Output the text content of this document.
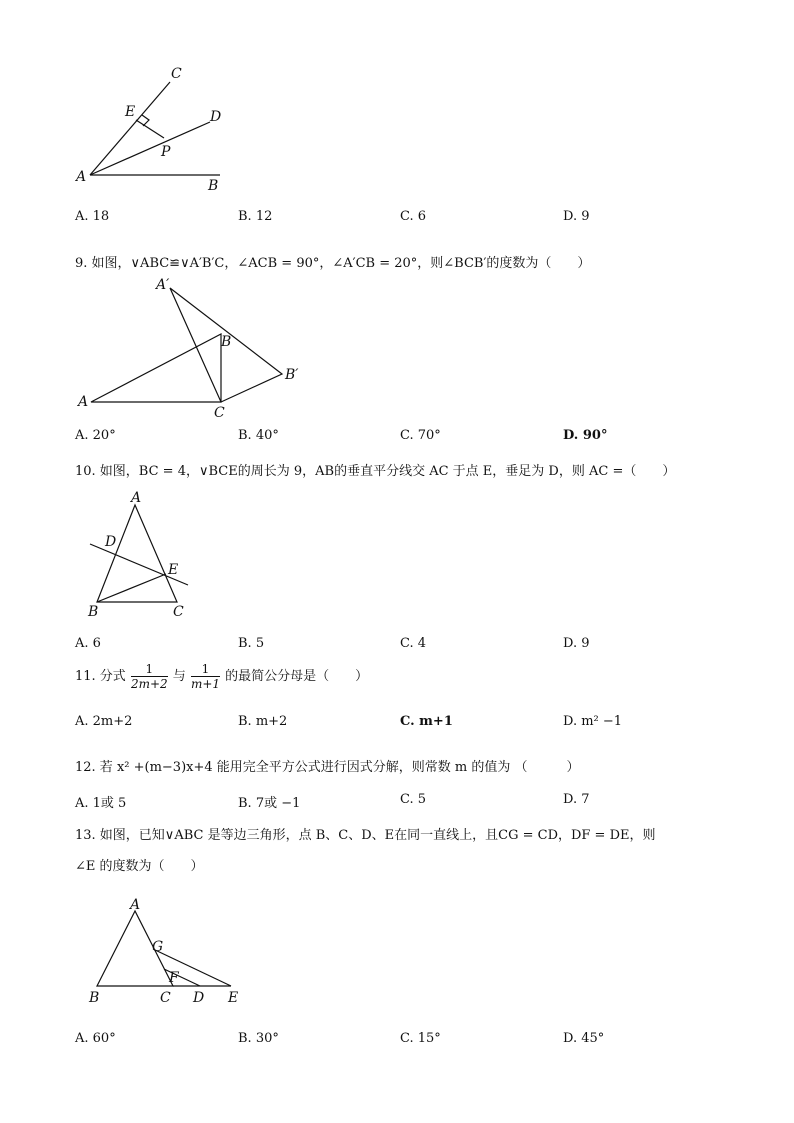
C
E	D
P
A
B
A. 18	B. 12	C. 6	D. 9
9. 如图，∨ABC≌∨A′B′C，∠ACB = 90°，∠A′CB = 20°，则∠BCB′的度数为（　　）
A′
B
B′
A
C
A. 20°	B. 40°	C. 70°	D. 90°
10. 如图，BC = 4，∨BCE的周长为 9，AB的垂直平分线交 AC 于点 E，垂足为 D，则 AC =（　　）
A
D
E
B	C
A. 6	B. 5	C. 4	D. 9
11. 分式 $\frac{1}{2m+2}$ 与 $\frac{1}{m+1}$ 的最简公分母是（　　）
A. 2m+2	B. m+2	C. m+1	D. m² −1
12. 若 x² +(m−3)x+4 能用完全平方公式进行因式分解，则常数 m 的值为 （　　　）
A. 1或 5	B. 7或 −1	C. 5	D. 7
13. 如图，已知∨ABC 是等边三角形，点 B、C、D、E在同一直线上，且CG = CD，DF = DE，则
∠E 的度数为（　　）
A
G
F
B	C D E
A. 60°	B. 30°	C. 15°	D. 45°
